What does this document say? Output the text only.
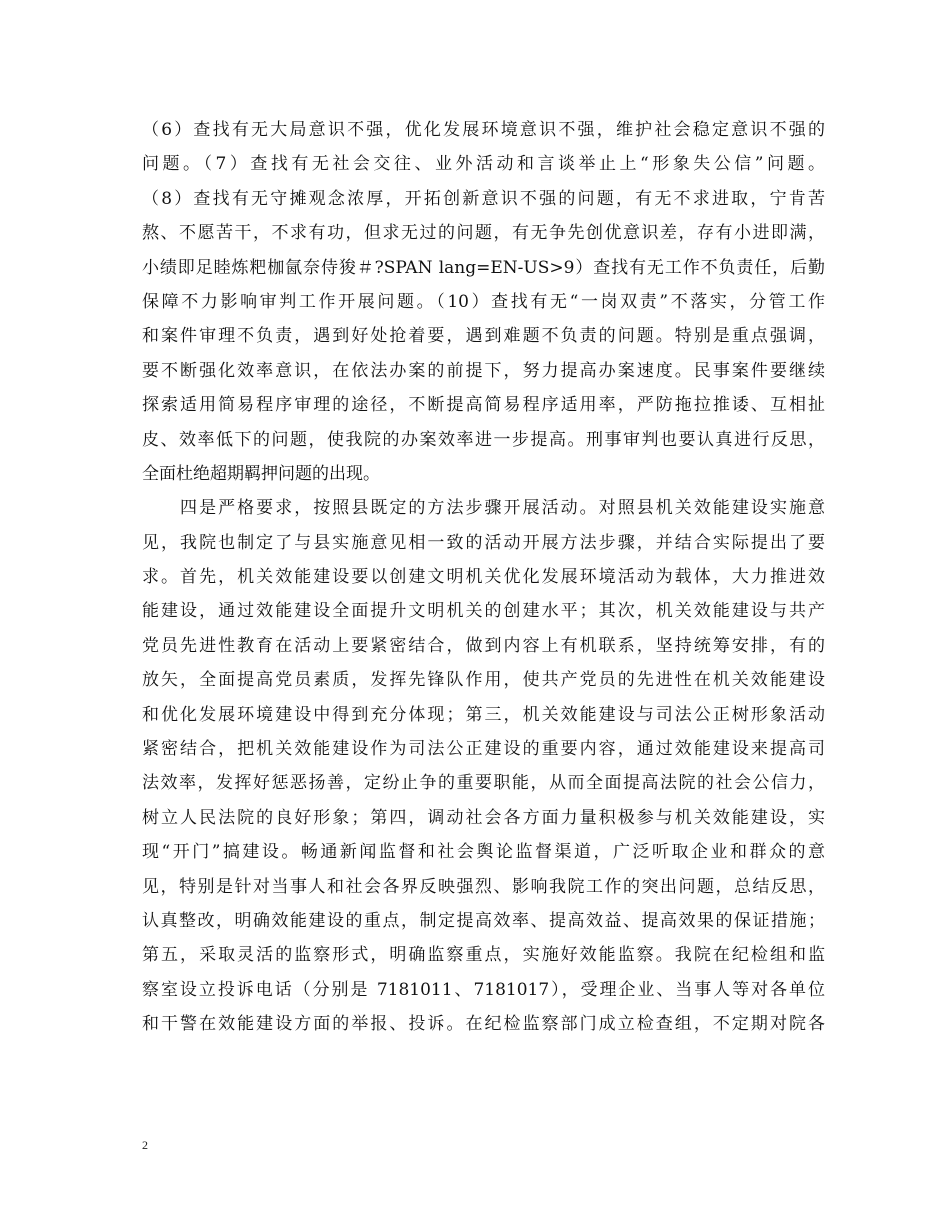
（6）查找有无大局意识不强，优化发展环境意识不强，维护社会稳定意识不强的
问题。（7）查找有无社会交往、业外活动和言谈举止上“形象失公信”问题。
（8）查找有无守摊观念浓厚，开拓创新意识不强的问题，有无不求进取，宁肯苦
熬、不愿苦干，不求有功，但求无过的问题，有无争先创优意识差，存有小进即满，
小绩即足睦炼粑枷氤奈侍狻＃?SPAN lang=EN-US>9）查找有无工作不负责任，后勤
保障不力影响审判工作开展问题。（10）查找有无“一岗双责”不落实，分管工作
和案件审理不负责，遇到好处抢着要，遇到难题不负责的问题。特别是重点强调，
要不断强化效率意识，在依法办案的前提下，努力提高办案速度。民事案件要继续
探索适用简易程序审理的途径，不断提高简易程序适用率，严防拖拉推诿、互相扯
皮、效率低下的问题，使我院的办案效率进一步提高。刑事审判也要认真进行反思，
全面杜绝超期羁押问题的出现。
　　四是严格要求，按照县既定的方法步骤开展活动。对照县机关效能建设实施意
见，我院也制定了与县实施意见相一致的活动开展方法步骤，并结合实际提出了要
求。首先，机关效能建设要以创建文明机关优化发展环境活动为载体，大力推进效
能建设，通过效能建设全面提升文明机关的创建水平；其次，机关效能建设与共产
党员先进性教育在活动上要紧密结合，做到内容上有机联系，坚持统筹安排，有的
放矢，全面提高党员素质，发挥先锋队作用，使共产党员的先进性在机关效能建设
和优化发展环境建设中得到充分体现；第三，机关效能建设与司法公正树形象活动
紧密结合，把机关效能建设作为司法公正建设的重要内容，通过效能建设来提高司
法效率，发挥好惩恶扬善，定纷止争的重要职能，从而全面提高法院的社会公信力，
树立人民法院的良好形象；第四，调动社会各方面力量积极参与机关效能建设，实
现“开门”搞建设。畅通新闻监督和社会舆论监督渠道，广泛听取企业和群众的意
见，特别是针对当事人和社会各界反映强烈、影响我院工作的突出问题，总结反思，
认真整改，明确效能建设的重点，制定提高效率、提高效益、提高效果的保证措施；
第五，采取灵活的监察形式，明确监察重点，实施好效能监察。我院在纪检组和监
察室设立投诉电话（分别是 7181011、7181017），受理企业、当事人等对各单位
和干警在效能建设方面的举报、投诉。在纪检监察部门成立检查组，不定期对院各
2
